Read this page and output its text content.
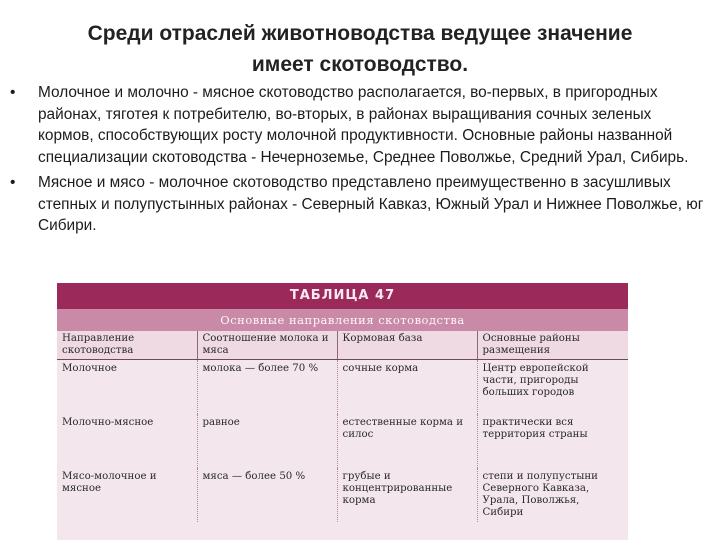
Среди отраслей животноводства ведущее значение
имеет скотоводство.
• Молочное и молочно - мясное скотоводство располагается, во-первых, в пригородных районах, тяготея к потребителю, во-вторых, в районах выращивания сочных зеленых кормов, способствующих росту молочной продуктивности. Основные районы названной специализации скотоводства - Нечерноземье, Среднее Поволжье, Средний Урал, Сибирь.
• Мясное и мясо - молочное скотоводство представлено преимущественно в засушливых степных и полупустынных районах - Северный Кавказ, Южный Урал и Нижнее Поволжье, юг Сибири.
ТАБЛИЦА 47
Основные направления скотоводства
Направление скотоводства	Соотношение молока и мяса	Кормовая база	Основные районы размещения
Молочное	молока — более 70 %	сочные корма	Центр европейской части, пригороды больших городов
Молочно-мясное	равное	естественные корма и силос	практически вся территория страны
Мясо-молочное и мясное	мяса — более 50 %	грубые и концентрированные корма	степи и полупустыни Северного Кавказа, Урала, Поволжья, Сибири
